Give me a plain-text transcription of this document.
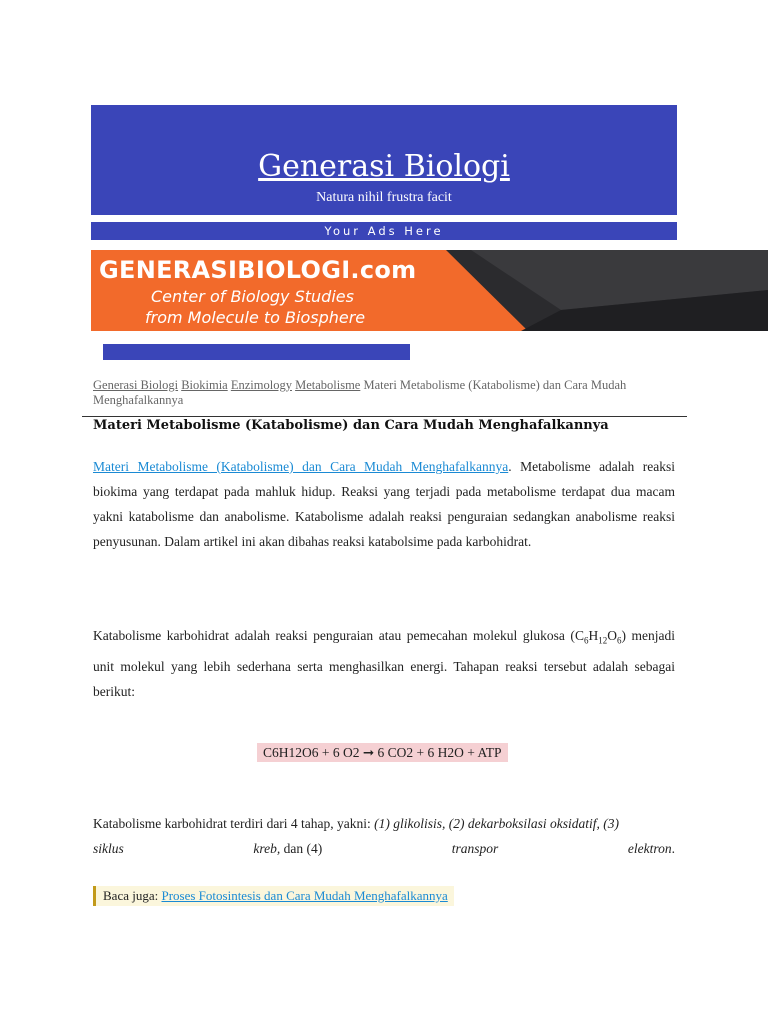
Generasi Biologi
Natura nihil frustra facit
Your Ads Here
GENERASIBIOLOGI.com
Center of Biology Studies
from Molecule to Biosphere
Generasi Biologi Biokimia Enzimology Metabolisme Materi Metabolisme (Katabolisme) dan Cara Mudah Menghafalkannya
Materi Metabolisme (Katabolisme) dan Cara Mudah Menghafalkannya
Materi Metabolisme (Katabolisme) dan Cara Mudah Menghafalkannya. Metabolisme adalah reaksi biokima yang terdapat pada mahluk hidup. Reaksi yang terjadi pada metabolisme terdapat dua macam yakni katabolisme dan anabolisme. Katabolisme adalah reaksi penguraian sedangkan anabolisme reaksi penyusunan. Dalam artikel ini akan dibahas reaksi katabolsime pada karbohidrat.
Katabolisme karbohidrat adalah reaksi penguraian atau pemecahan molekul glukosa $(C_6H_{12}O_6)$ menjadi unit molekul yang lebih sederhana serta menghasilkan energi. Tahapan reaksi tersebut adalah sebagai berikut:
C6H12O6 + 6 O2 ➞ 6 CO2 + 6 H2O + ATP
Katabolisme karbohidrat terdiri dari 4 tahap, yakni: (1) glikolisis, (2) dekarboksilasi oksidatif, (3)
siklus	kreb, dan (4)	transpor	elektron.
Baca juga: Proses Fotosintesis dan Cara Mudah Menghafalkannya
